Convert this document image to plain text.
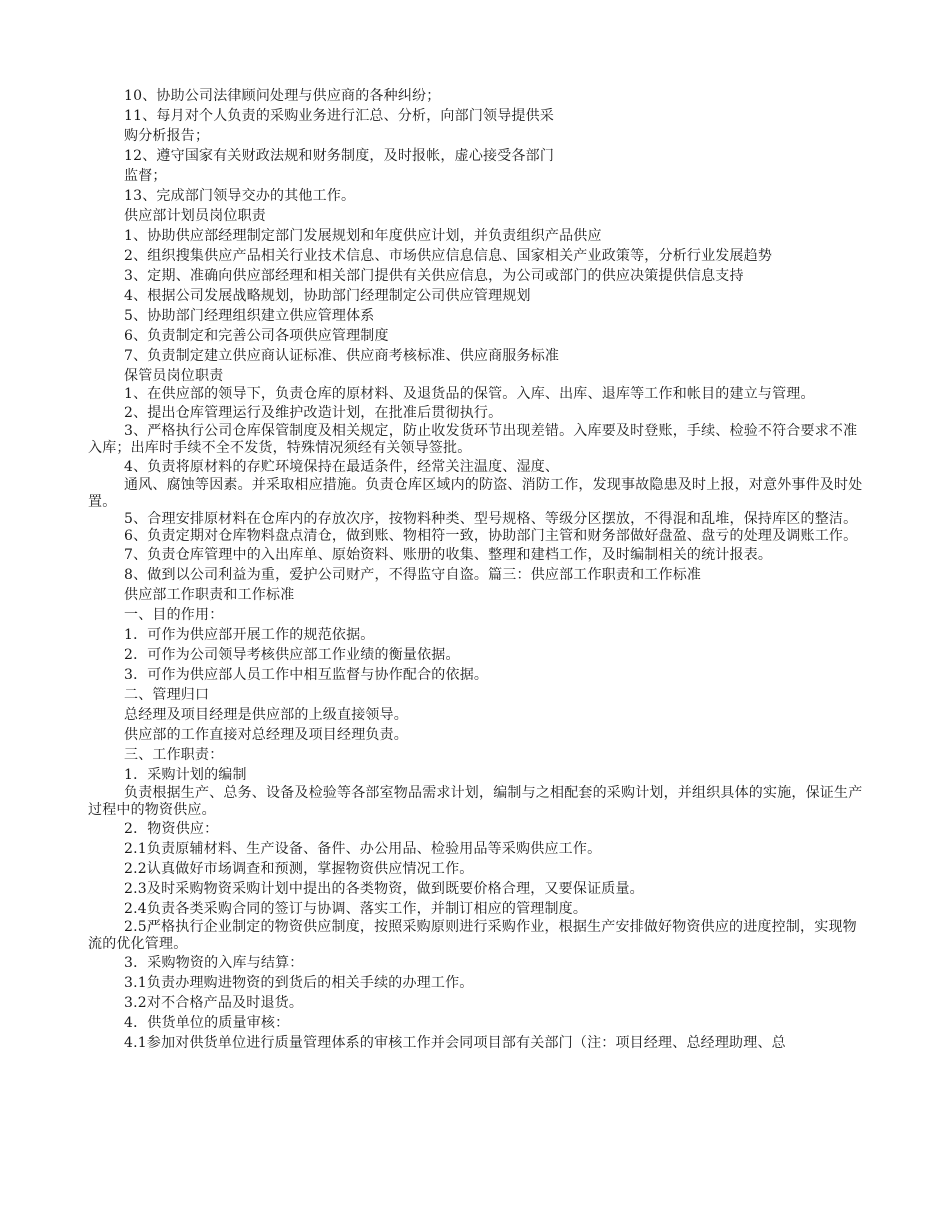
10、协助公司法律顾问处理与供应商的各种纠纷；

11、每月对个人负责的采购业务进行汇总、分析，向部门领导提供采

购分析报告；

12、遵守国家有关财政法规和财务制度，及时报帐，虚心接受各部门

监督；

13、完成部门领导交办的其他工作。

供应部计划员岗位职责

1、协助供应部经理制定部门发展规划和年度供应计划，并负责组织产品供应

2、组织搜集供应产品相关行业技术信息、市场供应信息信息、国家相关产业政策等，分析行业发展趋势

3、定期、准确向供应部经理和相关部门提供有关供应信息，为公司或部门的供应决策提供信息支持

4、根据公司发展战略规划，协助部门经理制定公司供应管理规划

5、协助部门经理组织建立供应管理体系

6、负责制定和完善公司各项供应管理制度

7、负责制定建立供应商认证标准、供应商考核标准、供应商服务标准

保管员岗位职责

1、在供应部的领导下，负责仓库的原材料、及退货品的保管。入库、出库、退库等工作和帐目的建立与管理。

2、提出仓库管理运行及维护改造计划，在批准后贯彻执行。

3、严格执行公司仓库保管制度及相关规定，防止收发货环节出现差错。入库要及时登账，手续、检验不符合要求不准入库；出库时手续不全不发货，特殊情况须经有关领导签批。

4、负责将原材料的存贮环境保持在最适条件，经常关注温度、湿度、

通风、腐蚀等因素。并采取相应措施。负责仓库区域内的防盗、消防工作，发现事故隐患及时上报，对意外事件及时处置。

5、合理安排原材料在仓库内的存放次序，按物料种类、型号规格、等级分区摆放，不得混和乱堆，保持库区的整洁。

6、负责定期对仓库物料盘点清仓，做到账、物相符一致，协助部门主管和财务部做好盘盈、盘亏的处理及调账工作。

7、负责仓库管理中的入出库单、原始资料、账册的收集、整理和建档工作，及时编制相关的统计报表。

8、做到以公司利益为重，爱护公司财产，不得监守自盗。篇三：供应部工作职责和工作标准

供应部工作职责和工作标准

一、目的作用：

1．可作为供应部开展工作的规范依据。

2．可作为公司领导考核供应部工作业绩的衡量依据。

3．可作为供应部人员工作中相互监督与协作配合的依据。

二、管理归口

总经理及项目经理是供应部的上级直接领导。

供应部的工作直接对总经理及项目经理负责。

三、工作职责：

1．采购计划的编制

负责根据生产、总务、设备及检验等各部室物品需求计划，编制与之相配套的采购计划，并组织具体的实施，保证生产过程中的物资供应。

2．物资供应：

2.1负责原辅材料、生产设备、备件、办公用品、检验用品等采购供应工作。

2.2认真做好市场调查和预测，掌握物资供应情况工作。

2.3及时采购物资采购计划中提出的各类物资，做到既要价格合理，又要保证质量。

2.4负责各类采购合同的签订与协调、落实工作，并制订相应的管理制度。

2.5严格执行企业制定的物资供应制度，按照采购原则进行采购作业，根据生产安排做好物资供应的进度控制，实现物流的优化管理。

3．采购物资的入库与结算：

3.1负责办理购进物资的到货后的相关手续的办理工作。

3.2对不合格产品及时退货。

4．供货单位的质量审核：

4.1参加对供货单位进行质量管理体系的审核工作并会同项目部有关部门（注：项目经理、总经理助理、总
